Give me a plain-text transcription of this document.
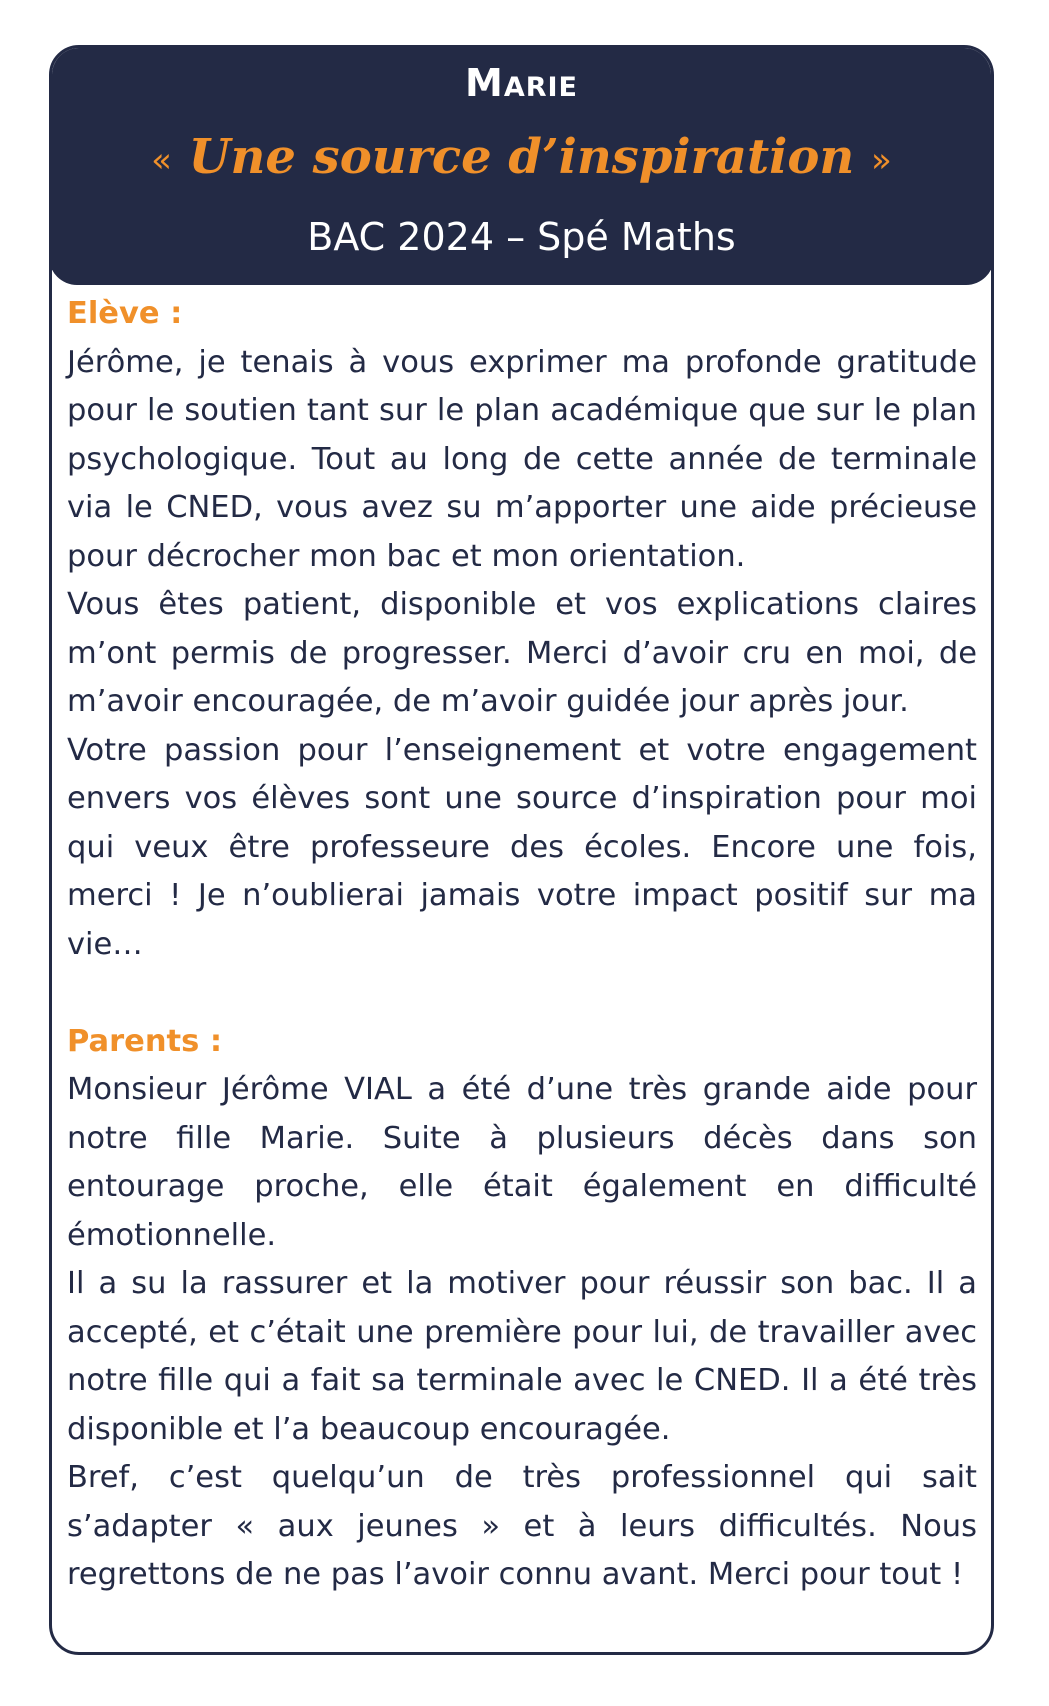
Marie
« Une source d’inspiration »
BAC 2024 – Spé Maths

Elève :

Jérôme, je tenais à vous exprimer ma profonde gratitude pour le soutien tant sur le plan académique que sur le plan psychologique. Tout au long de cette année de terminale via le CNED, vous avez su m’apporter une aide précieuse pour décrocher mon bac et mon orientation.

Vous êtes patient, disponible et vos explications claires m’ont permis de progresser. Merci d’avoir cru en moi, de m’avoir encouragée, de m’avoir guidée jour après jour.

Votre passion pour l’enseignement et votre engagement envers vos élèves sont une source d’inspiration pour moi qui veux être professeure des écoles. Encore une fois, merci ! Je n’oublierai jamais votre impact positif sur ma vie…

Parents :

Monsieur Jérôme VIAL a été d’une très grande aide pour notre fille Marie. Suite à plusieurs décès dans son entourage proche, elle était également en difficulté émotionnelle.

Il a su la rassurer et la motiver pour réussir son bac. Il a accepté, et c’était une première pour lui, de travailler avec notre fille qui a fait sa terminale avec le CNED. Il a été très disponible et l’a beaucoup encouragée.

Bref, c’est quelqu’un de très professionnel qui sait s’adapter « aux jeunes » et à leurs difficultés. Nous regrettons de ne pas l’avoir connu avant. Merci pour tout !
